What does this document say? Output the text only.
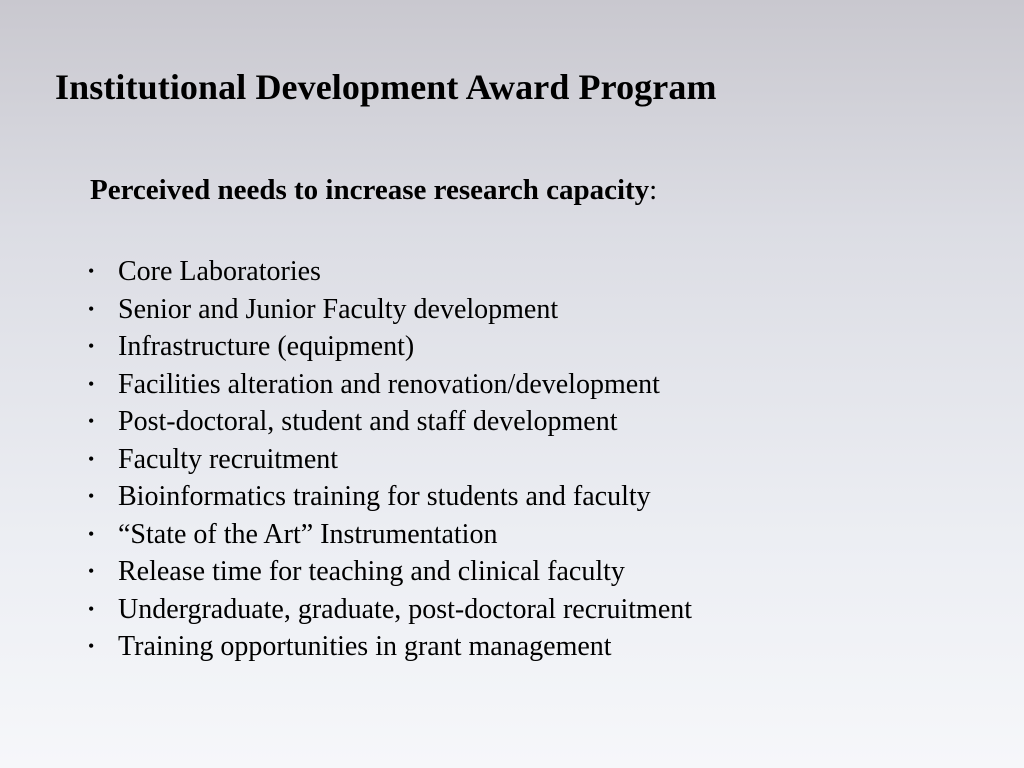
Institutional Development Award Program

Perceived needs to increase research capacity:

• Core Laboratories
• Senior and Junior Faculty development
• Infrastructure (equipment)
• Facilities alteration and renovation/development
• Post-doctoral, student and staff development
• Faculty recruitment
• Bioinformatics training for students and faculty
• “State of the Art” Instrumentation
• Release time for teaching and clinical faculty
• Undergraduate, graduate, post-doctoral recruitment
• Training opportunities in grant management
